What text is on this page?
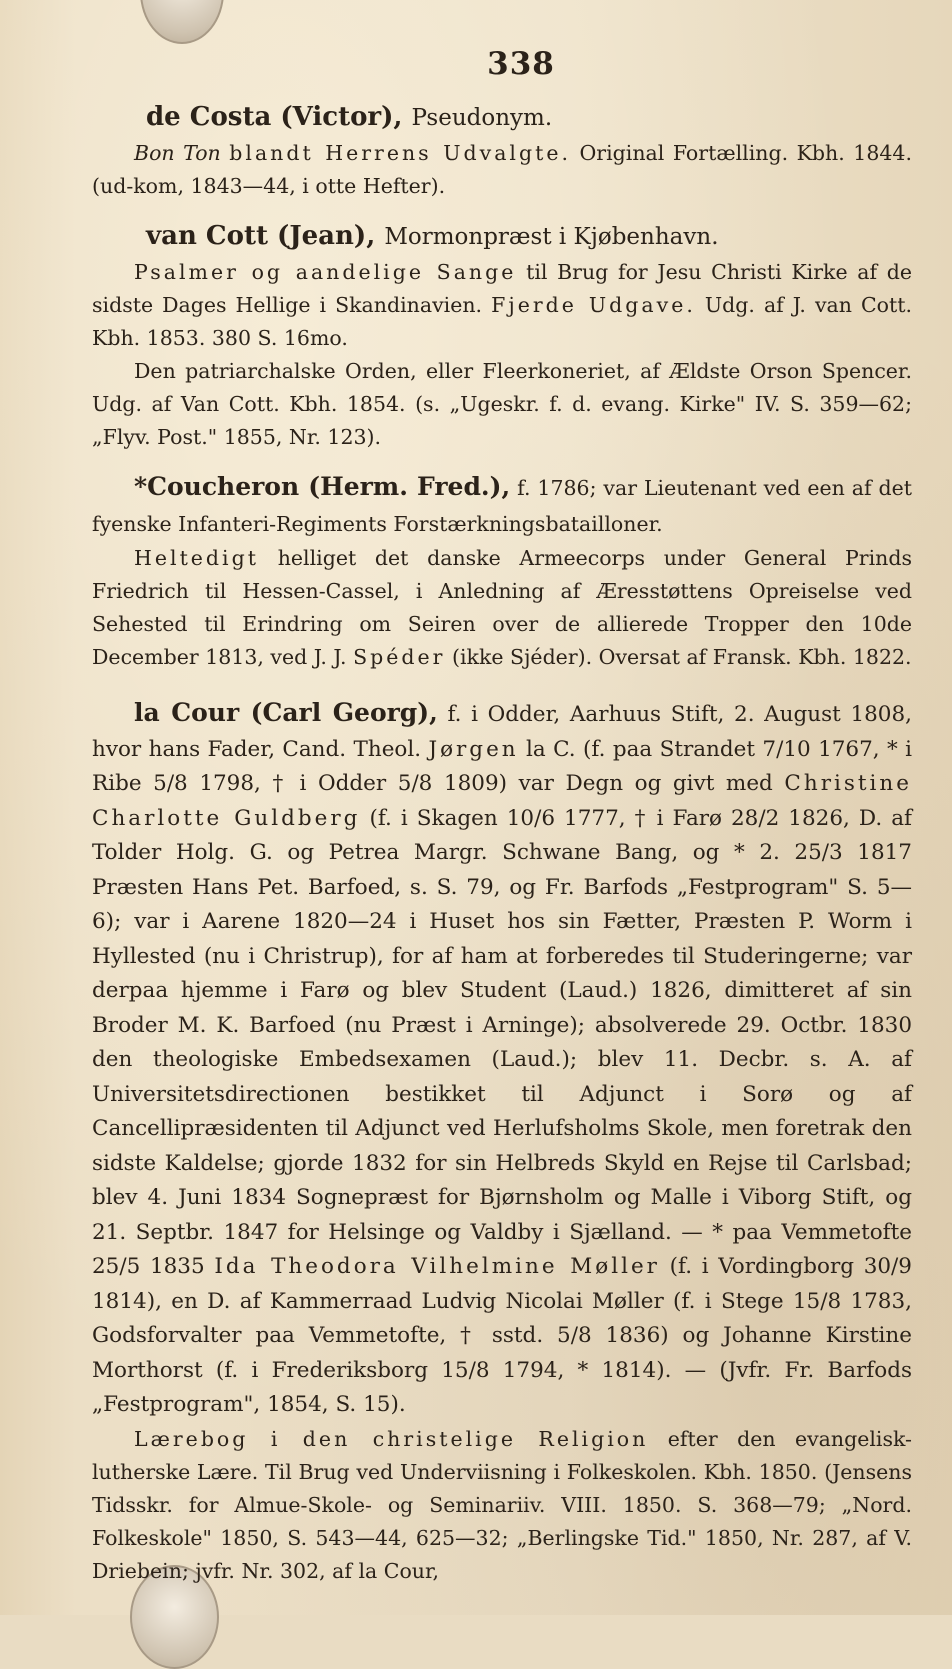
338
de Costa (Victor), Pseudonym.

Bon Ton blandt Herrens Udvalgte. Original Fortælling. Kbh. 1844. (ud-kom, 1843—44, i otte Hefter).

van Cott (Jean), Mormonpræst i Kjøbenhavn.

Psalmer og aandelige Sange til Brug for Jesu Christi Kirke af de sidste Dages Hellige i Skandinavien. Fjerde Udgave. Udg. af J. van Cott. Kbh. 1853. 380 S. 16mo.

Den patriarchalske Orden, eller Fleerkoneriet, af Ældste Orson Spencer. Udg. af Van Cott. Kbh. 1854. (s. „Ugeskr. f. d. evang. Kirke" IV. S. 359—62; „Flyv. Post." 1855, Nr. 123).

*Coucheron (Herm. Fred.), f. 1786; var Lieutenant ved een af det fyenske Infanteri-Regiments Forstærkningsbatailloner.

Heltedigt helliget det danske Armeecorps under General Prinds Friedrich til Hessen-Cassel, i Anledning af Æresstøttens Opreiselse ved Sehested til Erindring om Seiren over de allierede Tropper den 10de December 1813, ved J. J. Spéder (ikke Sjéder). Oversat af Fransk. Kbh. 1822.

la Cour (Carl Georg), f. i Odder, Aarhuus Stift, 2. August 1808, hvor hans Fader, Cand. Theol. Jørgen la C. (f. paa Strandet 7/10 1767, * i Ribe 5/8 1798, † i Odder 5/8 1809) var Degn og givt med Christine Charlotte Guldberg (f. i Skagen 10/6 1777, † i Farø 28/2 1826, D. af Tolder Holg. G. og Petrea Margr. Schwane Bang, og * 2. 25/3 1817 Præsten Hans Pet. Barfoed, s. S. 79, og Fr. Barfods „Festprogram" S. 5—6); var i Aarene 1820—24 i Huset hos sin Fætter, Præsten P. Worm i Hyllested (nu i Christrup), for af ham at forberedes til Studeringerne; var derpaa hjemme i Farø og blev Student (Laud.) 1826, dimitteret af sin Broder M. K. Barfoed (nu Præst i Arninge); absolverede 29. Octbr. 1830 den theologiske Embedsexamen (Laud.); blev 11. Decbr. s. A. af Universitetsdirectionen bestikket til Adjunct i Sorø og af Cancellipræsidenten til Adjunct ved Herlufsholms Skole, men foretrak den sidste Kaldelse; gjorde 1832 for sin Helbreds Skyld en Rejse til Carlsbad; blev 4. Juni 1834 Sognepræst for Bjørnsholm og Malle i Viborg Stift, og 21. Septbr. 1847 for Helsinge og Valdby i Sjælland. — * paa Vemmetofte 25/5 1835 Ida Theodora Vilhelmine Møller (f. i Vordingborg 30/9 1814), en D. af Kammerraad Ludvig Nicolai Møller (f. i Stege 15/8 1783, Godsforvalter paa Vemmetofte, † sstd. 5/8 1836) og Johanne Kirstine Morthorst (f. i Frederiksborg 15/8 1794, * 1814). — (Jvfr. Fr. Barfods „Festprogram", 1854, S. 15).

Lærebog i den christelige Religion efter den evangelisk-lutherske Lære. Til Brug ved Underviisning i Folkeskolen. Kbh. 1850. (Jensens Tidsskr. for Almue-Skole- og Seminariiv. VIII. 1850. S. 368—79; „Nord. Folkeskole" 1850, S. 543—44, 625—32; „Berlingske Tid." 1850, Nr. 287, af V. Driebein; jvfr. Nr. 302, af la Cour,
